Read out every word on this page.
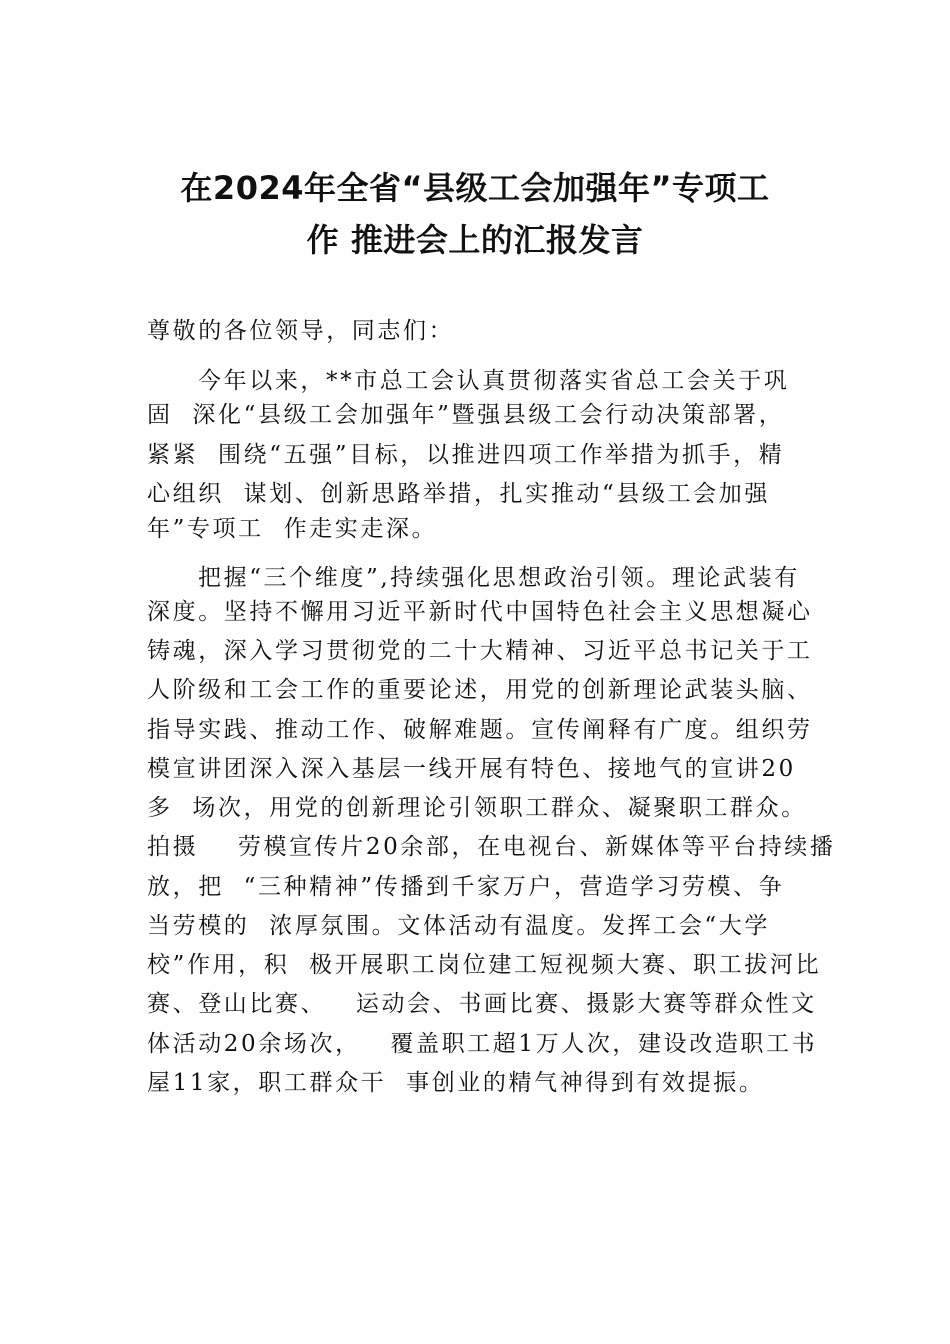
在2024年全省“县级工会加强年”专项工
作 推进会上的汇报发言
尊敬的各位领导，同志们：
今年以来，**市总工会认真贯彻落实省总工会关于巩
固  深化“县级工会加强年”暨强县级工会行动决策部署，
紧紧  围绕“五强”目标，以推进四项工作举措为抓手，精
心组织  谋划、创新思路举措，扎实推动“县级工会加强
年”专项工  作走实走深。
把握“三个维度”,持续强化思想政治引领。理论武装有
深度。坚持不懈用习近平新时代中国特色社会主义思想凝心
铸魂，深入学习贯彻党的二十大精神、习近平总书记关于工
人阶级和工会工作的重要论述，用党的创新理论武装头脑、
指导实践、推动工作、破解难题。宣传阐释有广度。组织劳
模宣讲团深入深入基层一线开展有特色、接地气的宣讲20
多  场次，用党的创新理论引领职工群众、凝聚职工群众。
拍摄    劳模宣传片20余部，在电视台、新媒体等平台持续播
放，把  “三种精神”传播到千家万户，营造学习劳模、争
当劳模的  浓厚氛围。文体活动有温度。发挥工会“大学
校”作用，积  极开展职工岗位建工短视频大赛、职工拔河比
赛、登山比赛、   运动会、书画比赛、摄影大赛等群众性文
体活动20余场次，   覆盖职工超1万人次，建设改造职工书
屋11家，职工群众干  事创业的精气神得到有效提振。
